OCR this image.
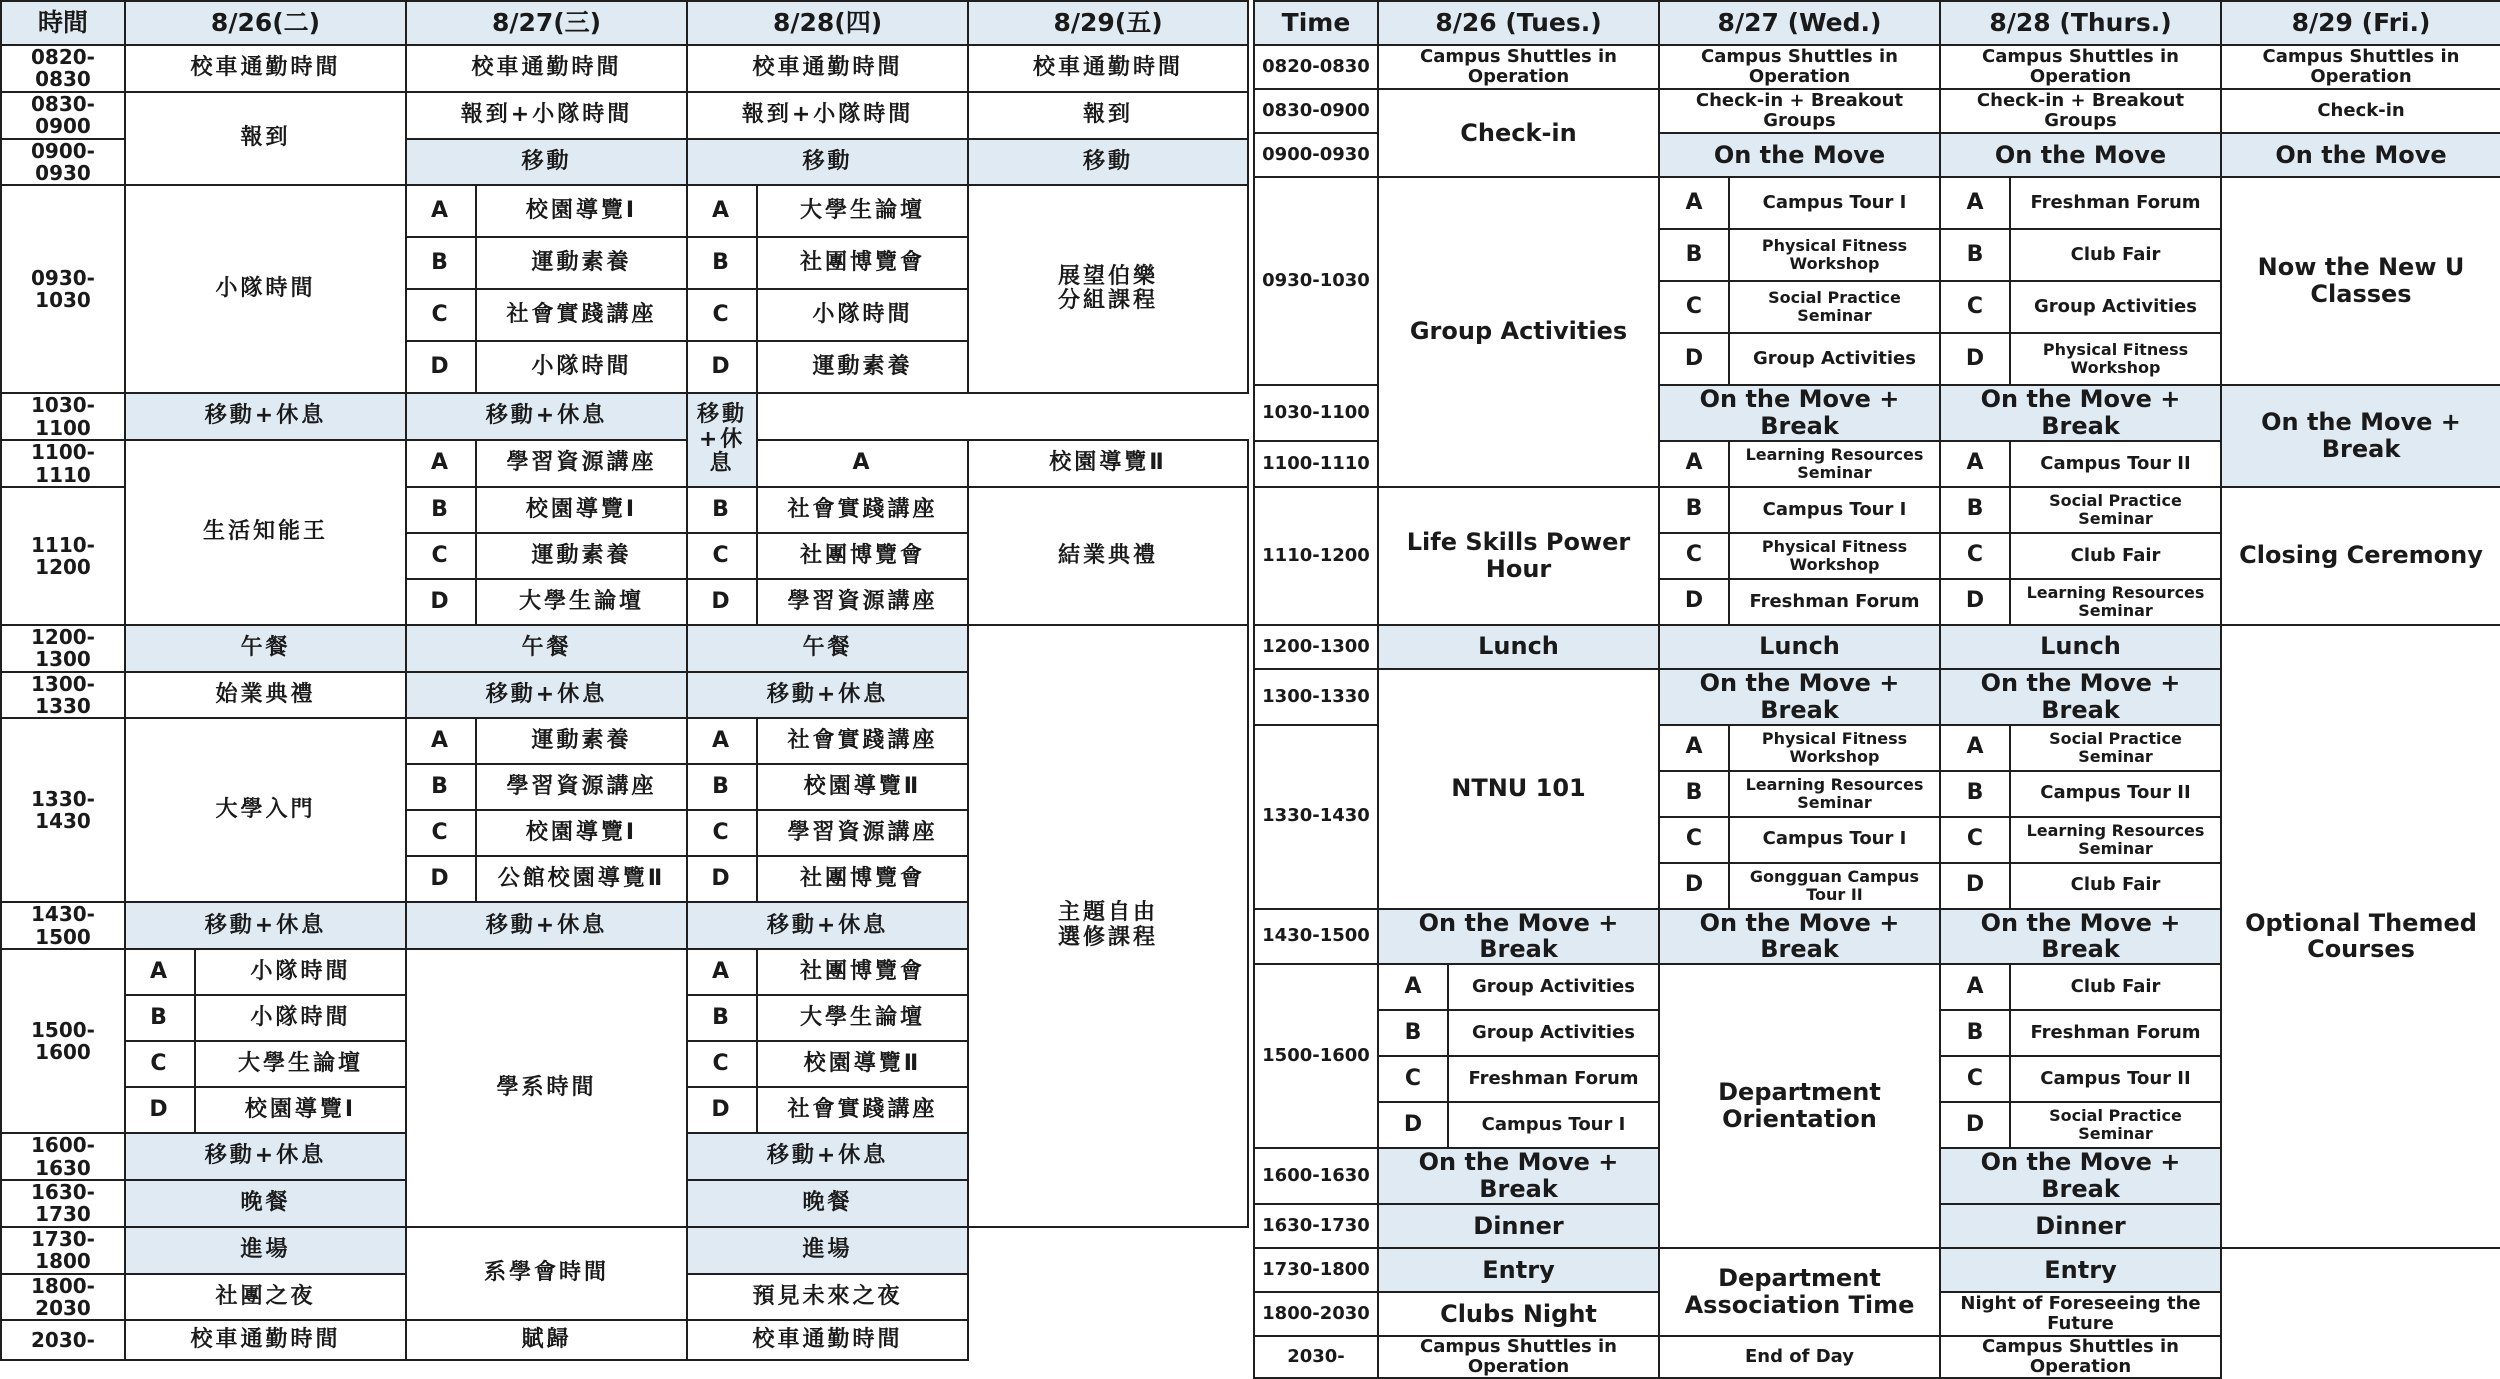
時間	8/26(二)		8/27(三)		8/28(四)		8/29(五)
0820-0830	校車通勤時間		校車通勤時間		校車通勤時間		校車通勤時間
0830-0900	報到		報到+小隊時間		報到+小隊時間		報到
0900-0930			移動		移動		移動
0930-1030	小隊時間		A	校園導覽Ⅰ	A	大學生論壇	展望伯樂
分組課程
			B	運動素養	B	社團博覽會	
			C	社會實踐講座	C	小隊時間	
			D	小隊時間	D	運動素養	
1030-1100	移動+休息		移動+休息		移動+休息		
1100-1110	生活知能王		A	學習資源講座		A	校園導覽Ⅱ
1110-1200			B	校園導覽Ⅰ	B	社會實踐講座	結業典禮
			C	運動素養	C	社團博覽會	
			D	大學生論壇	D	學習資源講座	
1200-1300	午餐		午餐		午餐		主題自由
選修課程
1300-1330	始業典禮		移動+休息		移動+休息		
1330-1430	大學入門		A	運動素養	A	社會實踐講座	
			B	學習資源講座	B	校園導覽Ⅱ	
			C	校園導覽Ⅰ	C	學習資源講座	
			D	公館校園導覽Ⅱ	D	社團博覽會	
1430-1500	移動+休息		移動+休息		移動+休息		
1500-1600	A	小隊時間	學系時間		A	社團博覽會	
	B	小隊時間			B	大學生論壇	
	C	大學生論壇			C	校園導覽Ⅱ	
	D	校園導覽Ⅰ			D	社會實踐講座	
1600-1630	移動+休息				移動+休息		
1630-1730	晚餐				晚餐		
1730-1800	進場		系學會時間		進場		
1800-2030	社團之夜				預見未來之夜		
2030-	校車通勤時間		賦歸		校車通勤時間		
Time	8/26 (Tues.)		8/27 (Wed.)		8/28 (Thurs.)		8/29 (Fri.)
0820-0830	Campus Shuttles in Operation		Campus Shuttles in Operation		Campus Shuttles in Operation		Campus Shuttles in Operation
0830-0900	Check-in		Check-in + Breakout Groups		Check-in + Breakout Groups		Check-in
0900-0930			On the Move		On the Move		On the Move
0930-1030	Group Activities		A	Campus Tour I	A	Freshman Forum	Now the New U Classes
			B	Physical Fitness Workshop	B	Club Fair	
			C	Social Practice Seminar	C	Group Activities	
			D	Group Activities	D	Physical Fitness Workshop	
1030-1100			On the Move + Break		On the Move + Break		On the Move + Break
1100-1110			A	Learning Resources Seminar	A	Campus Tour II	
1110-1200	Life Skills Power Hour		B	Campus Tour I	B	Social Practice Seminar	Closing Ceremony
			C	Physical Fitness Workshop	C	Club Fair	
			D	Freshman Forum	D	Learning Resources Seminar	
1200-1300	Lunch		Lunch		Lunch		Optional Themed Courses
1300-1330	NTNU 101		On the Move + Break		On the Move + Break		
1330-1430			A	Physical Fitness Workshop	A	Social Practice Seminar	
			B	Learning Resources Seminar	B	Campus Tour II	
			C	Campus Tour I	C	Learning Resources Seminar	
			D	Gongguan Campus Tour II	D	Club Fair	
1430-1500	On the Move + Break		On the Move + Break		On the Move + Break		
1500-1600	A	Group Activities	Department Orientation		A	Club Fair	
	B	Group Activities			B	Freshman Forum	
	C	Freshman Forum			C	Campus Tour II	
	D	Campus Tour I			D	Social Practice Seminar	
1600-1630	On the Move + Break				On the Move + Break		
1630-1730	Dinner				Dinner		
1730-1800	Entry		Department Association Time		Entry		
1800-2030	Clubs Night				Night of Foreseeing the Future		
2030-	Campus Shuttles in Operation		End of Day		Campus Shuttles in Operation		
